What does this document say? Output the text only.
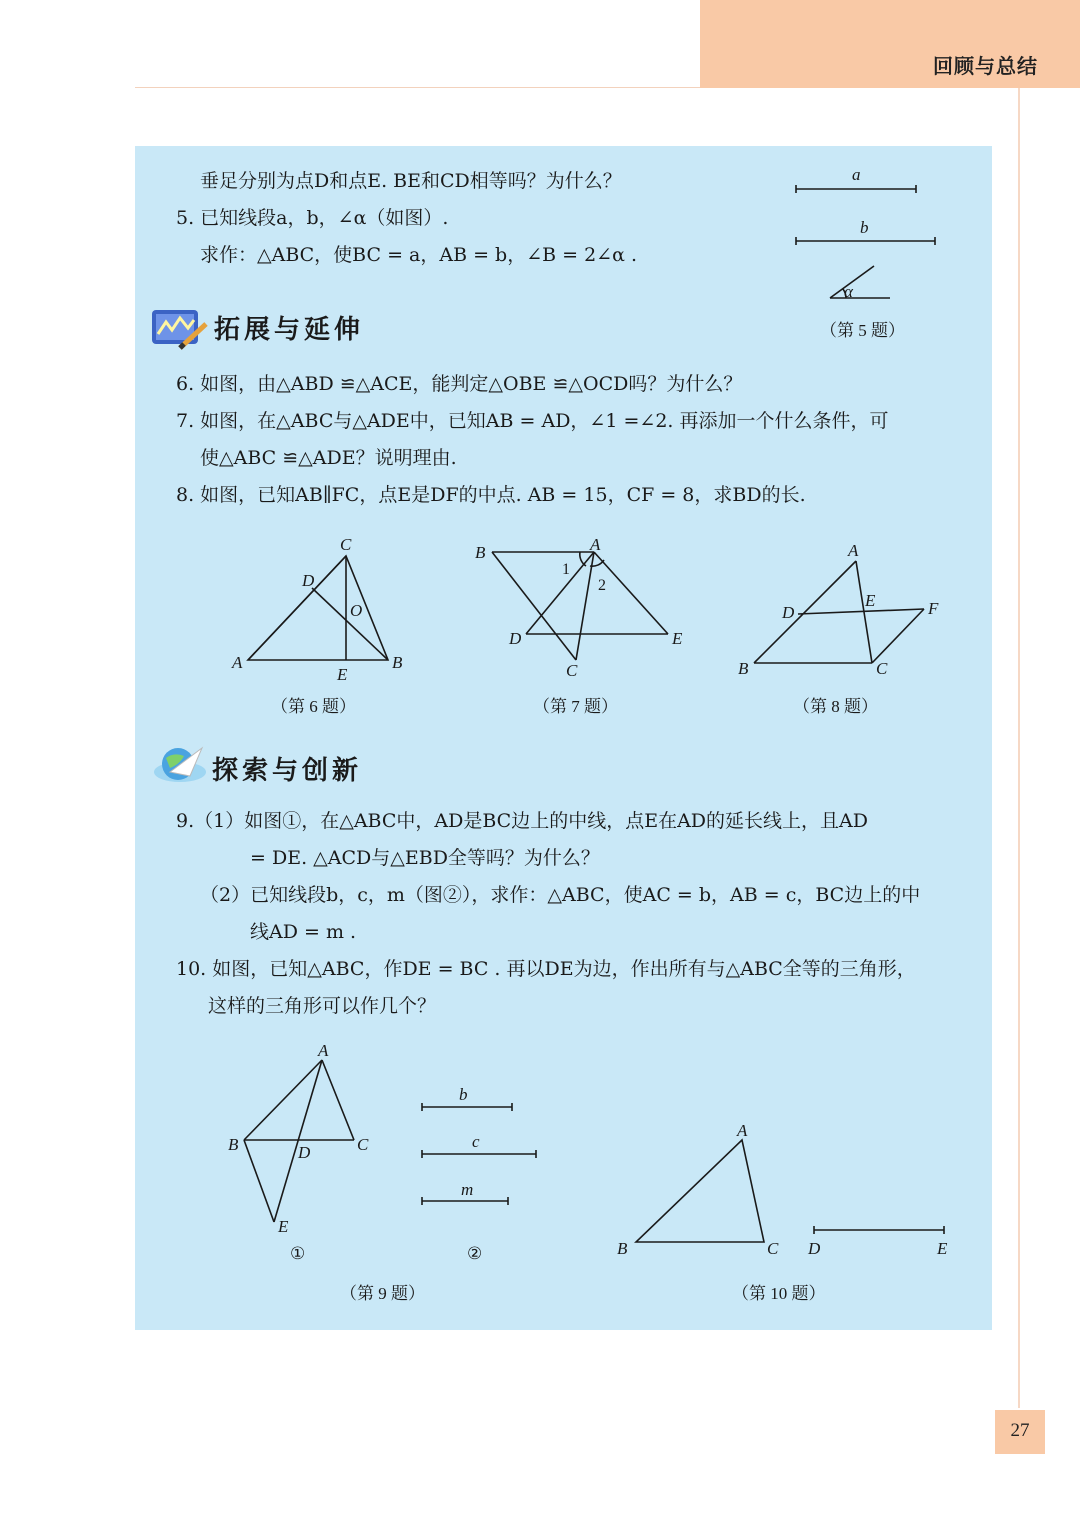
回顾与总结
垂足分别为点D和点E. BE和CD相等吗？为什么？
5. 已知线段a，b，∠α（如图）.
求作：△ABC，使BC = a，AB = b，∠B = 2∠α .
a
b
α
（第 5 题）
拓展与延伸
6. 如图，由△ABD ≌△ACE，能判定△OBE ≌△OCD吗？为什么？
7. 如图，在△ABC与△ADE中，已知AB = AD，∠1 =∠2. 再添加一个什么条件，可
使△ABC ≌△ADE？说明理由.
8. 如图，已知AB∥FC，点E是DF的中点. AB = 15，CF = 8，求BD的长.
C
D
O
A
E
B
（第 6 题）
B	A
1
2
D	E
C
（第 7 题）
A
E
D	F
B	C
（第 8 题）
探索与创新
9.（1）如图①，在△ABC中，AD是BC边上的中线，点E在AD的延长线上，且AD
= DE. △ACD与△EBD全等吗？为什么？
（2）已知线段b，c，m（图②），求作：△ABC，使AC = b，AB = c，BC边上的中
线AD = m .
10. 如图，已知△ABC，作DE = BC . 再以DE为边，作出所有与△ABC全等的三角形，
这样的三角形可以作几个？
A
B	C
D
E
①
b
c
m
②
（第 9 题）
A
B	C D	E
（第 10 题）
27
